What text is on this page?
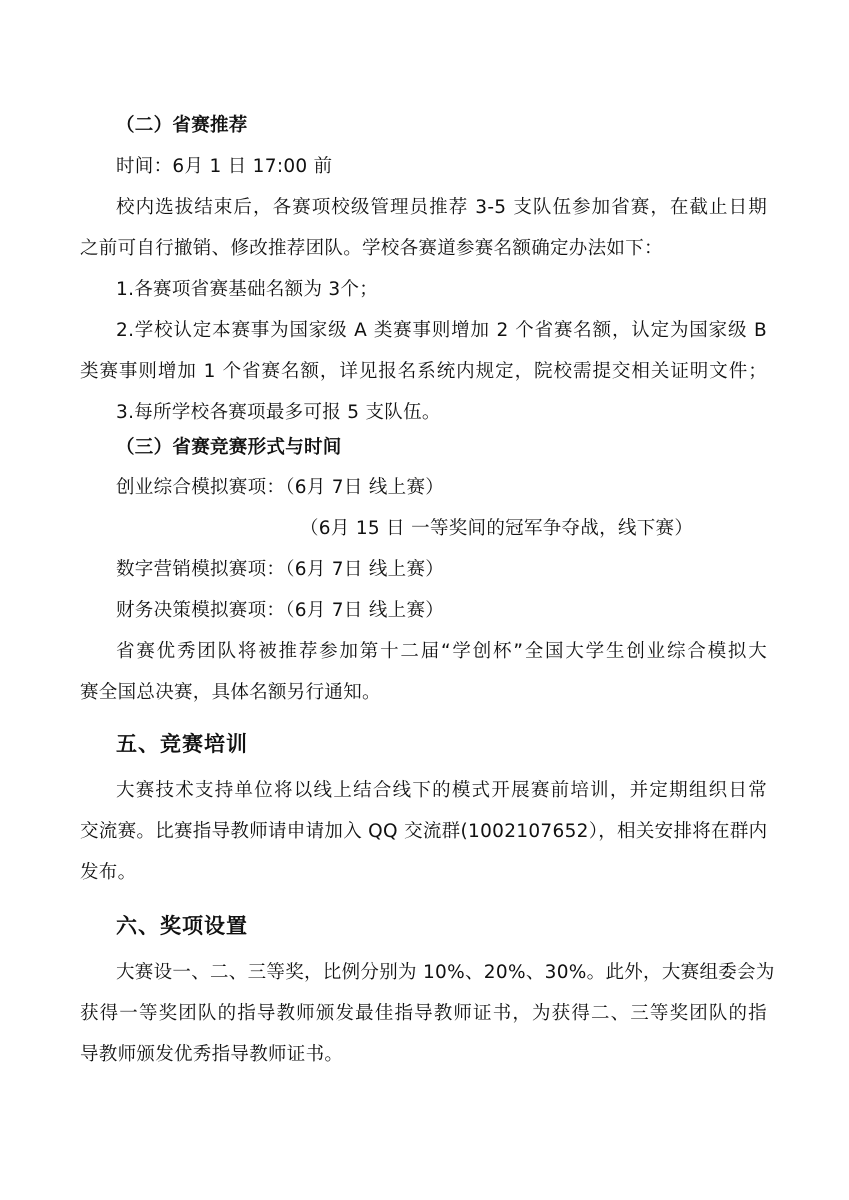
（二）省赛推荐
时间：6月 1 日 17:00 前
校内选拔结束后，各赛项校级管理员推荐 3-5 支队伍参加省赛，在截止日期
之前可自行撤销、修改推荐团队。学校各赛道参赛名额确定办法如下：
1.各赛项省赛基础名额为 3个；
2.学校认定本赛事为国家级 A 类赛事则增加 2 个省赛名额，认定为国家级 B
类赛事则增加 1 个省赛名额，详见报名系统内规定，院校需提交相关证明文件；
3.每所学校各赛项最多可报 5 支队伍。
（三）省赛竞赛形式与时间
创业综合模拟赛项：（6月 7日 线上赛）
（6月 15 日 一等奖间的冠军争夺战，线下赛）
数字营销模拟赛项：（6月 7日 线上赛）
财务决策模拟赛项：（6月 7日 线上赛）
省赛优秀团队将被推荐参加第十二届“学创杯”全国大学生创业综合模拟大
赛全国总决赛，具体名额另行通知。
五、竞赛培训
大赛技术支持单位将以线上结合线下的模式开展赛前培训，并定期组织日常
交流赛。比赛指导教师请申请加入 QQ 交流群(1002107652），相关安排将在群内
发布。
六、奖项设置
大赛设一、二、三等奖，比例分别为 10%、20%、30%。此外，大赛组委会为
获得一等奖团队的指导教师颁发最佳指导教师证书，为获得二、三等奖团队的指
导教师颁发优秀指导教师证书。
